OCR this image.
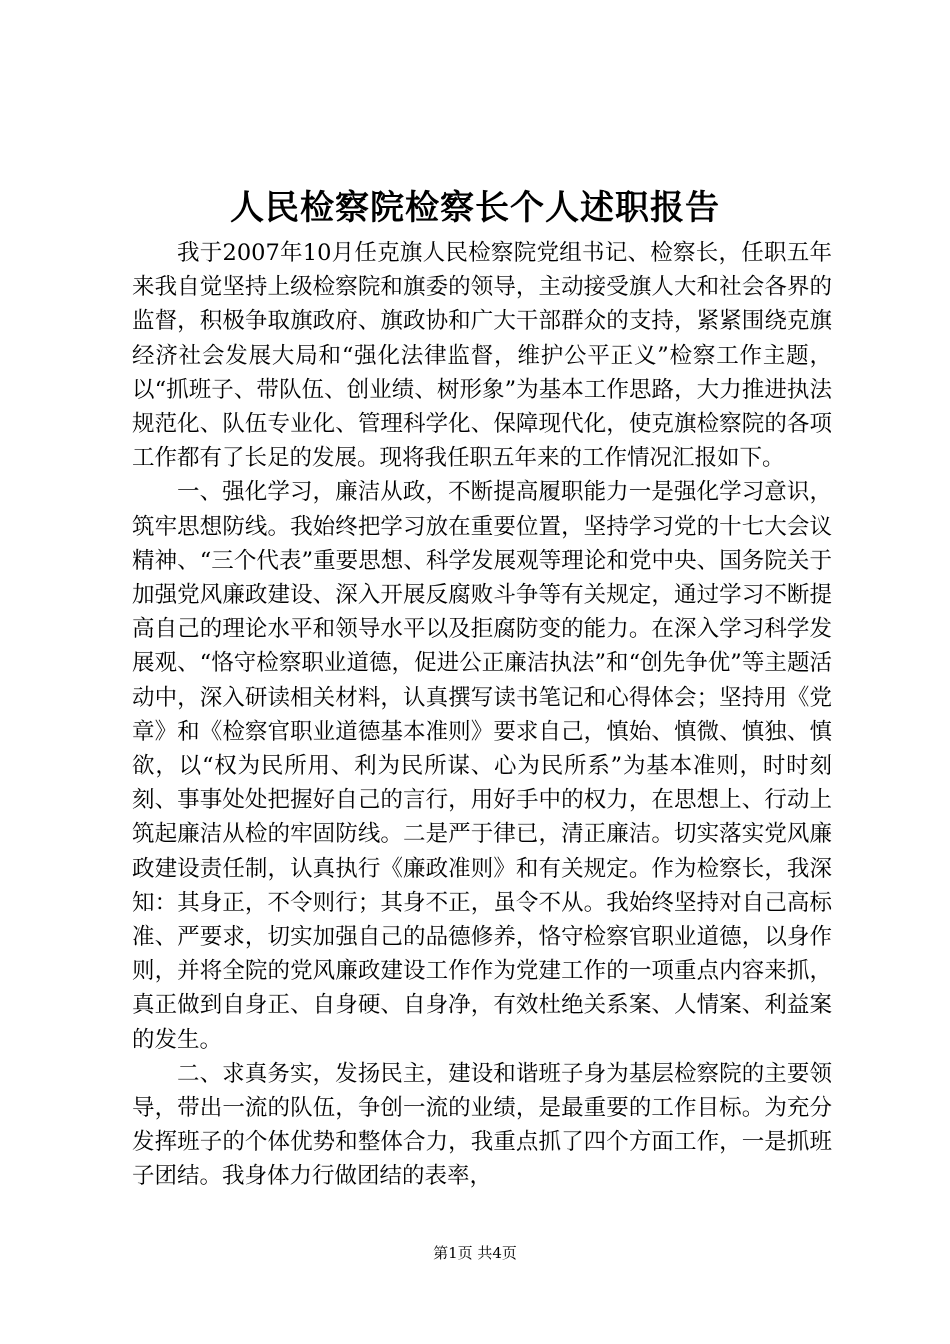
人民检察院检察长个人述职报告

我于2007年10月任克旗人民检察院党组书记、检察长，任职五年来我自觉坚持上级检察院和旗委的领导，主动接受旗人大和社会各界的监督，积极争取旗政府、旗政协和广大干部群众的支持，紧紧围绕克旗经济社会发展大局和“强化法律监督，维护公平正义”检察工作主题，以“抓班子、带队伍、创业绩、树形象”为基本工作思路，大力推进执法规范化、队伍专业化、管理科学化、保障现代化，使克旗检察院的各项工作都有了长足的发展。现将我任职五年来的工作情况汇报如下。

一、强化学习，廉洁从政，不断提高履职能力一是强化学习意识，筑牢思想防线。我始终把学习放在重要位置，坚持学习党的十七大会议精神、“三个代表”重要思想、科学发展观等理论和党中央、国务院关于加强党风廉政建设、深入开展反腐败斗争等有关规定，通过学习不断提高自己的理论水平和领导水平以及拒腐防变的能力。在深入学习科学发展观、“恪守检察职业道德，促进公正廉洁执法”和“创先争优”等主题活动中，深入研读相关材料，认真撰写读书笔记和心得体会；坚持用《党章》和《检察官职业道德基本准则》要求自己，慎始、慎微、慎独、慎欲，以“权为民所用、利为民所谋、心为民所系”为基本准则，时时刻刻、事事处处把握好自己的言行，用好手中的权力，在思想上、行动上筑起廉洁从检的牢固防线。二是严于律已，清正廉洁。切实落实党风廉政建设责任制，认真执行《廉政准则》和有关规定。作为检察长，我深知：其身正，不令则行；其身不正，虽令不从。我始终坚持对自己高标准、严要求，切实加强自己的品德修养，恪守检察官职业道德，以身作则，并将全院的党风廉政建设工作作为党建工作的一项重点内容来抓，真正做到自身正、自身硬、自身净，有效杜绝关系案、人情案、利益案的发生。

二、求真务实，发扬民主，建设和谐班子身为基层检察院的主要领导，带出一流的队伍，争创一流的业绩，是最重要的工作目标。为充分发挥班子的个体优势和整体合力，我重点抓了四个方面工作，一是抓班子团结。我身体力行做团结的表率，

第1页 共4页
